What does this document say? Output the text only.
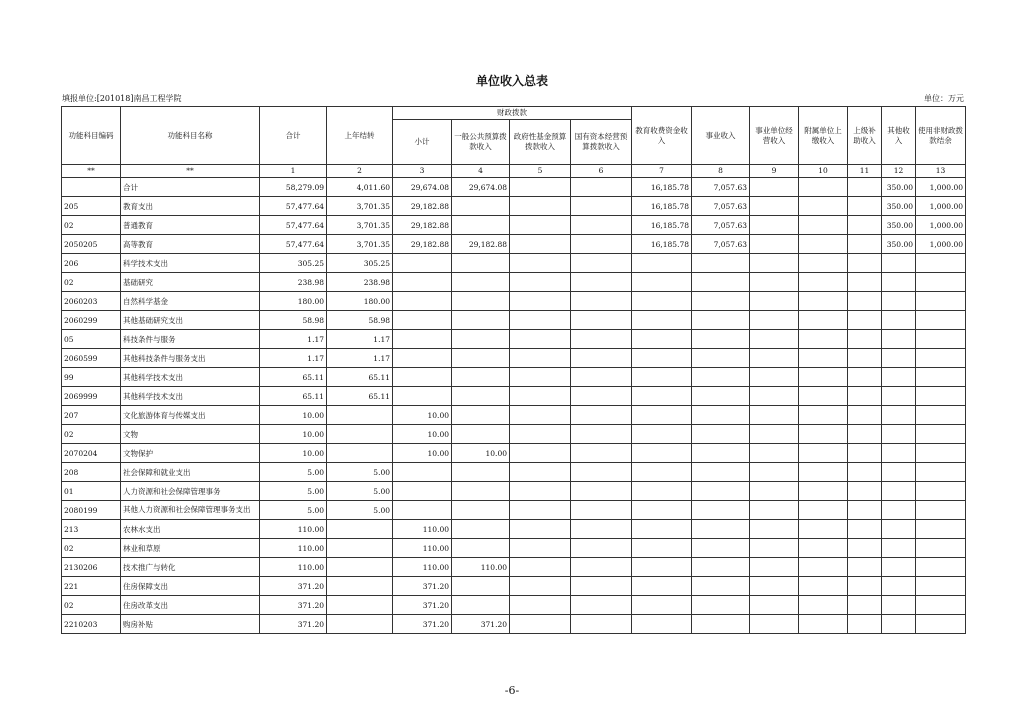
单位收入总表
填报单位:[201018]南昌工程学院	单位：万元
功能科目编码	功能科目名称	合计	上年结转	财政拨款				教育收费资金收入	事业收入	事业单位经营收入	附属单位上缴收入	上级补助收入	其他收入	使用非财政拨款结余
				小计	一般公共预算拨款收入	政府性基金预算拨款收入	国有资本经营预算拨款收入							
**	**	1	2	3	4	5	6	7	8	9	10	11	12	13
	合计	58,279.09	4,011.60	29,674.08	29,674.08			16,185.78	7,057.63				350.00	1,000.00
205	教育支出	57,477.64	3,701.35	29,182.88				16,185.78	7,057.63				350.00	1,000.00
02	普通教育	57,477.64	3,701.35	29,182.88				16,185.78	7,057.63				350.00	1,000.00
2050205	高等教育	57,477.64	3,701.35	29,182.88	29,182.88			16,185.78	7,057.63				350.00	1,000.00
206	科学技术支出	305.25	305.25											
02	基础研究	238.98	238.98											
2060203	自然科学基金	180.00	180.00											
2060299	其他基础研究支出	58.98	58.98											
05	科技条件与服务	1.17	1.17											
2060599	其他科技条件与服务支出	1.17	1.17											
99	其他科学技术支出	65.11	65.11											
2069999	其他科学技术支出	65.11	65.11											
207	文化旅游体育与传媒支出	10.00		10.00										
02	文物	10.00		10.00										
2070204	文物保护	10.00		10.00	10.00									
208	社会保障和就业支出	5.00	5.00											
01	人力资源和社会保障管理事务	5.00	5.00											
2080199	其他人力资源和社会保障管理事务支出	5.00	5.00											
213	农林水支出	110.00		110.00										
02	林业和草原	110.00		110.00										
2130206	技术推广与转化	110.00		110.00	110.00									
221	住房保障支出	371.20		371.20										
02	住房改革支出	371.20		371.20										
2210203	购房补贴	371.20		371.20	371.20									
-6-
